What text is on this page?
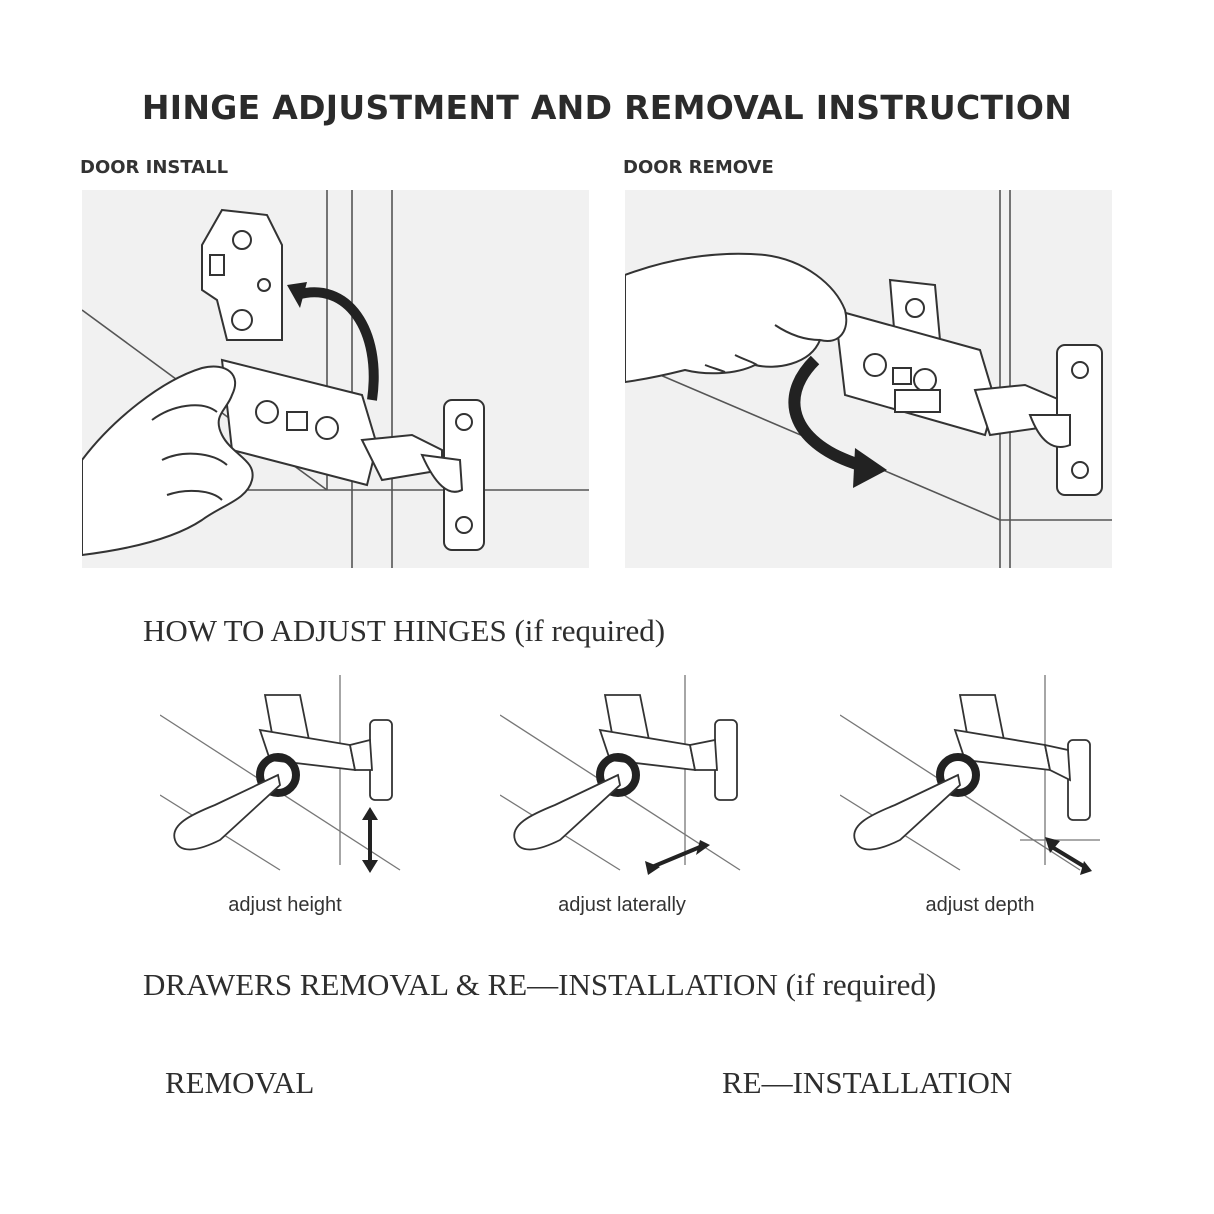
HINGE ADJUSTMENT AND REMOVAL INSTRUCTION
DOOR INSTALL	DOOR REMOVE
HOW TO ADJUST HINGES (if required)
adjust height	adjust laterally	adjust depth
DRAWERS REMOVAL & RE—INSTALLATION (if required)
REMOVAL	RE—INSTALLATION
